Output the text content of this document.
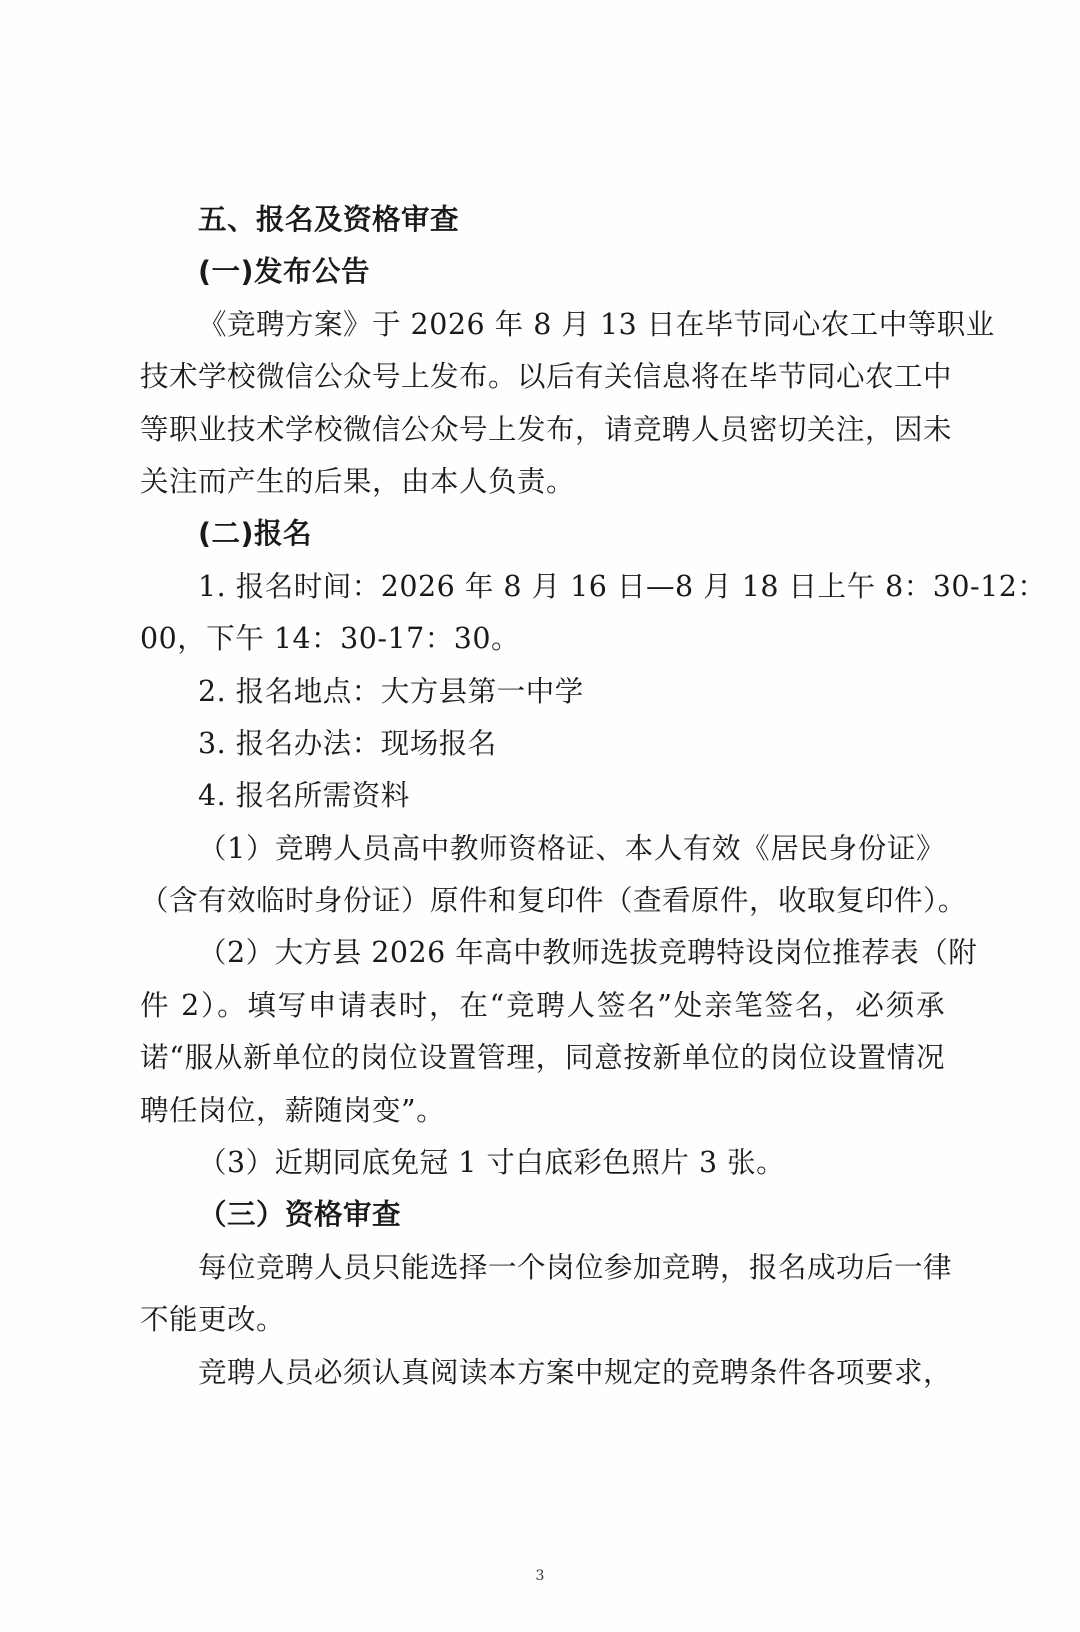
五、报名及资格审查
(一)发布公告
《竞聘方案》于 2026 年 8 月 13 日在毕节同心农工中等职业
技术学校微信公众号上发布。以后有关信息将在毕节同心农工中
等职业技术学校微信公众号上发布，请竞聘人员密切关注，因未
关注而产生的后果，由本人负责。
(二)报名
1. 报名时间：2026 年 8 月 16 日—8 月 18 日上午 8：30-12：
00，下午 14：30-17：30。
2. 报名地点：大方县第一中学
3. 报名办法：现场报名
4. 报名所需资料
（1）竞聘人员高中教师资格证、本人有效《居民身份证》
（含有效临时身份证）原件和复印件（查看原件，收取复印件）。
（2）大方县 2026 年高中教师选拔竞聘特设岗位推荐表（附
件 2）。填写申请表时，在“竞聘人签名”处亲笔签名，必须承
诺“服从新单位的岗位设置管理，同意按新单位的岗位设置情况
聘任岗位，薪随岗变”。
（3）近期同底免冠 1 寸白底彩色照片 3 张。
（三）资格审查
每位竞聘人员只能选择一个岗位参加竞聘，报名成功后一律
不能更改。
竞聘人员必须认真阅读本方案中规定的竞聘条件各项要求，
3
